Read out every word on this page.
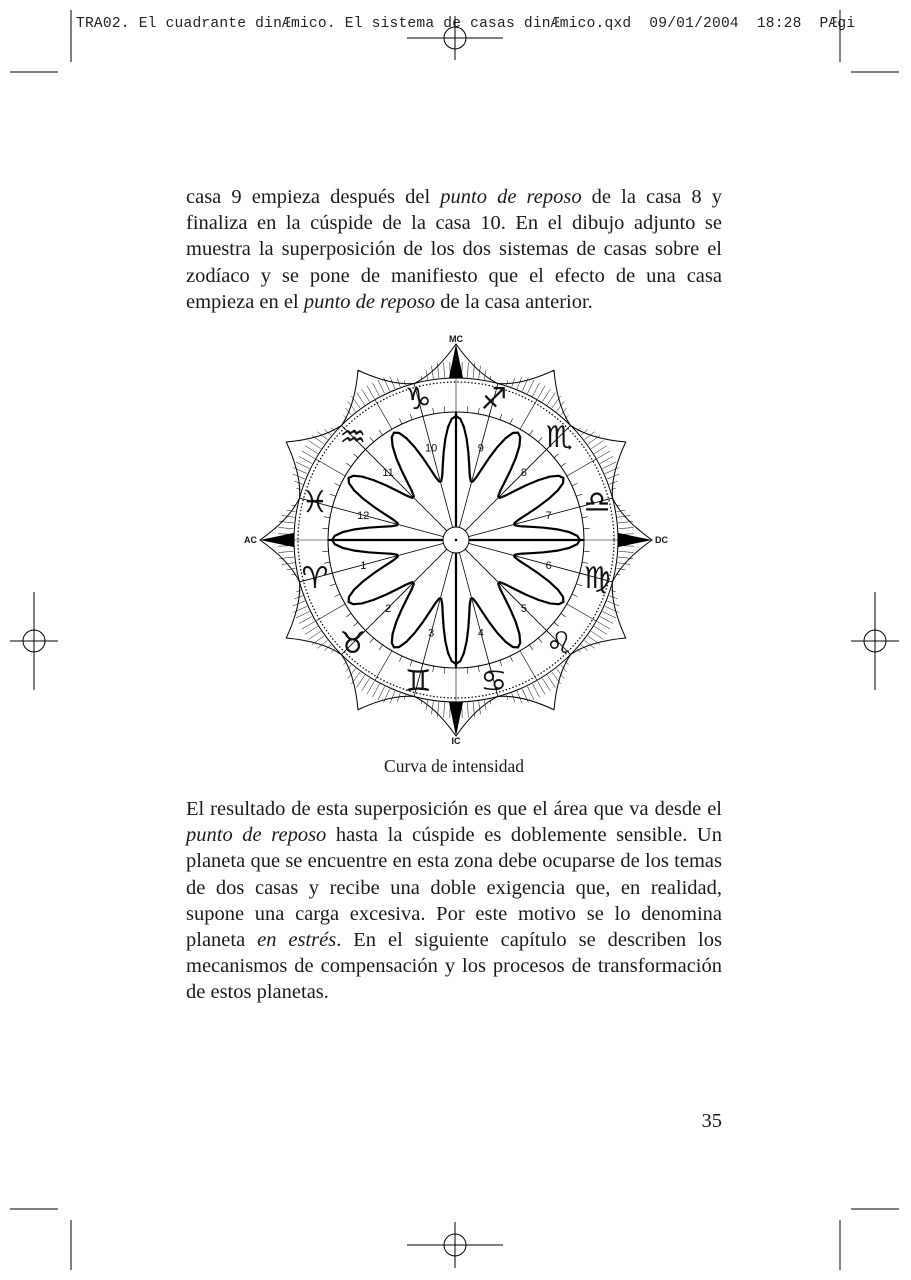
TRA02. El cuadrante dinÆmico. El sistema de casas dinÆmico.qxd  09/01/2004  18:28  PÆgi

casa 9 empieza después del punto de reposo de la casa 8 y finaliza en la cúspide de la casa 10. En el dibujo adjunto se muestra la superposición de los dos sistemas de casas sobre el zodíaco y se pone de manifiesto que el efecto de una casa empieza en el punto de reposo de la casa anterior.

1
2
3	4
5
6
7
8
9
10
11
12
♑ ♐
♏
♎
♍
♌
♋
♊
♉
♈
♓
♒
MC
IC
AC	DC
Curva de intensidad

El resultado de esta superposición es que el área que va desde el punto de reposo hasta la cúspide es doblemente sensible. Un planeta que se encuentre en esta zona debe ocuparse de los temas de dos casas y recibe una doble exigencia que, en realidad, supone una carga excesiva. Por este motivo se lo denomina planeta en estrés. En el siguiente capítulo se describen los mecanismos de compensación y los procesos de transformación de estos planetas.

35
